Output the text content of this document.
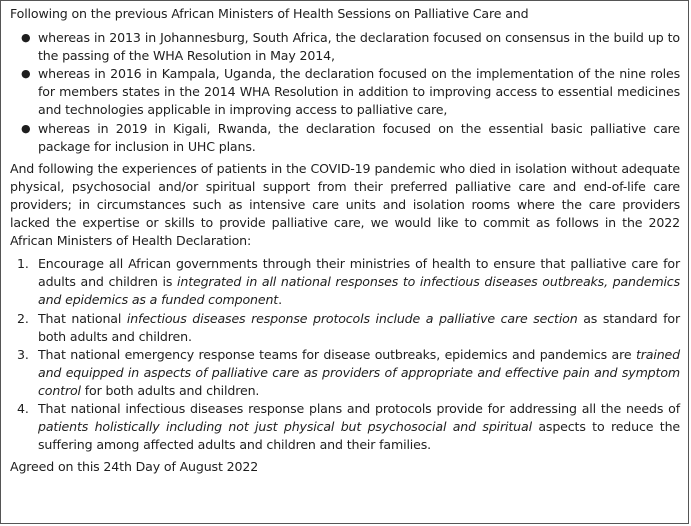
Following on the previous African Ministers of Health Sessions on Palliative Care and

● whereas in 2013 in Johannesburg, South Africa, the declaration focused on consensus in the build up to the passing of the WHA Resolution in May 2014,
● whereas in 2016 in Kampala, Uganda, the declaration focused on the implementation of the nine roles for members states in the 2014 WHA Resolution in addition to improving access to essential medicines and technologies applicable in improving access to palliative care,
● whereas in 2019 in Kigali, Rwanda, the declaration focused on the essential basic palliative care package for inclusion in UHC plans.

And following the experiences of patients in the COVID-19 pandemic who died in isolation without adequate physical, psychosocial and/or spiritual support from their preferred palliative care and end-of-life care providers; in circumstances such as intensive care units and isolation rooms where the care providers lacked the expertise or skills to provide palliative care, we would like to commit as follows in the 2022 African Ministers of Health Declaration:

1. Encourage all African governments through their ministries of health to ensure that palliative care for adults and children is integrated in all national responses to infectious diseases outbreaks, pandemics and epidemics as a funded component.
2. That national infectious diseases response protocols include a palliative care section as standard for both adults and children.
3. That national emergency response teams for disease outbreaks, epidemics and pandemics are trained and equipped in aspects of palliative care as providers of appropriate and effective pain and symptom control for both adults and children.
4. That national infectious diseases response plans and protocols provide for addressing all the needs of patients holistically including not just physical but psychosocial and spiritual aspects to reduce the suffering among affected adults and children and their families.

Agreed on this 24th Day of August 2022
